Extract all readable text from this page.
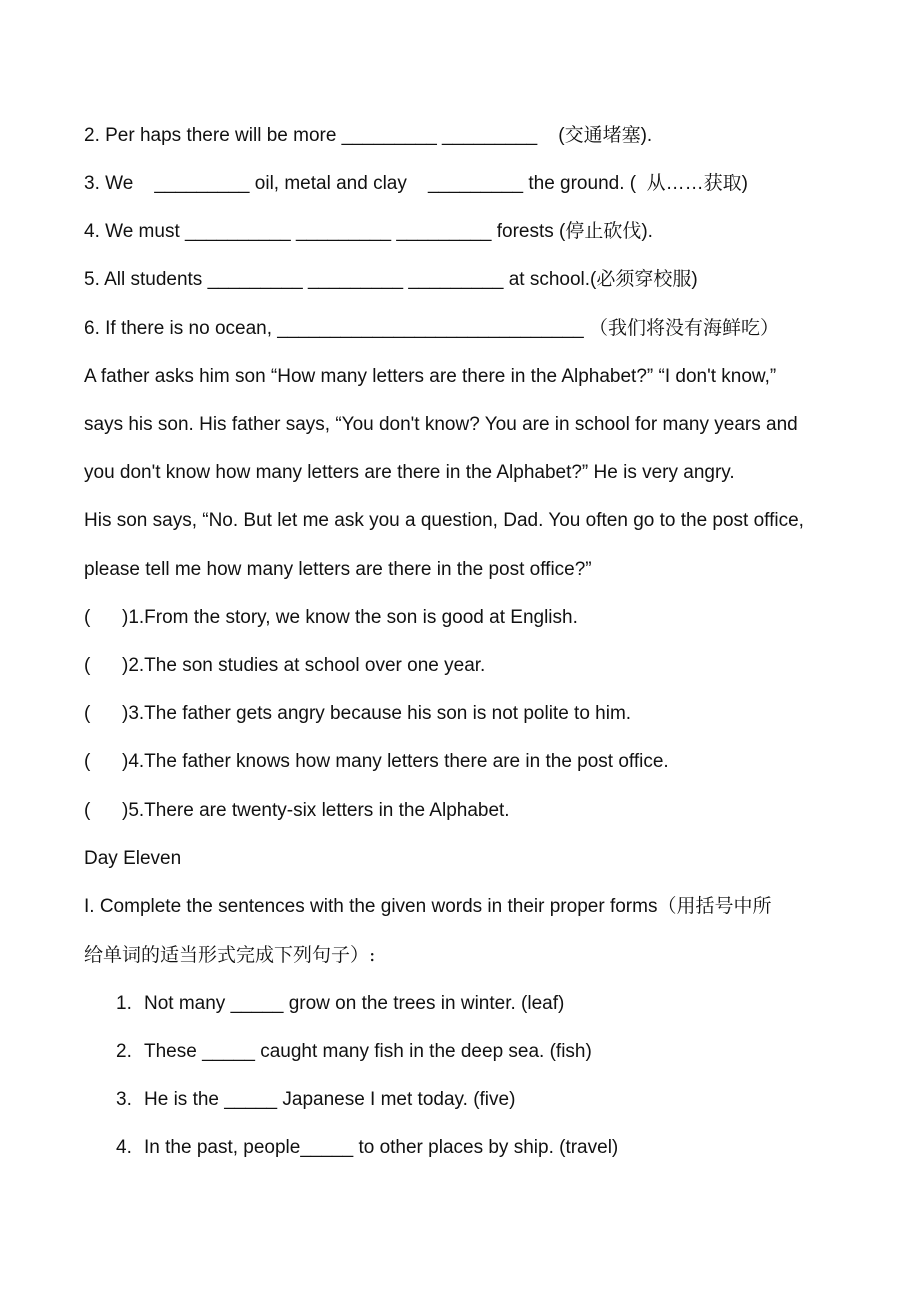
2. Per haps there will be more _________ _________    (交通堵塞).
3. We    _________ oil, metal and clay    _________ the ground. (  从……获取)
4. We must __________ _________ _________ forests (停止砍伐).
5. All students _________ _________ _________ at school.(必须穿校服)
6. If there is no ocean, _____________________________ （我们将没有海鲜吃）
A father asks him son “How many letters are there in the Alphabet?” “I don't know,”
says his son. His father says, “You don't know? You are in school for many years and
you don't know how many letters are there in the Alphabet?” He is very angry.
His son says, “No. But let me ask you a question, Dad. You often go to the post office,
please tell me how many letters are there in the post office?”
(      )1.From the story, we know the son is good at English.
(      )2.The son studies at school over one year.
(      )3.The father gets angry because his son is not polite to him.
(      )4.The father knows how many letters there are in the post office.
(      )5.There are twenty-six letters in the Alphabet.
Day Eleven
I. Complete the sentences with the given words in their proper forms（用括号中所
给单词的适当形式完成下列句子）:
1. Not many _____ grow on the trees in winter. (leaf)
2. These _____ caught many fish in the deep sea. (fish)
3. He is the _____ Japanese I met today. (five)
4. In the past, people_____ to other places by ship. (travel)
